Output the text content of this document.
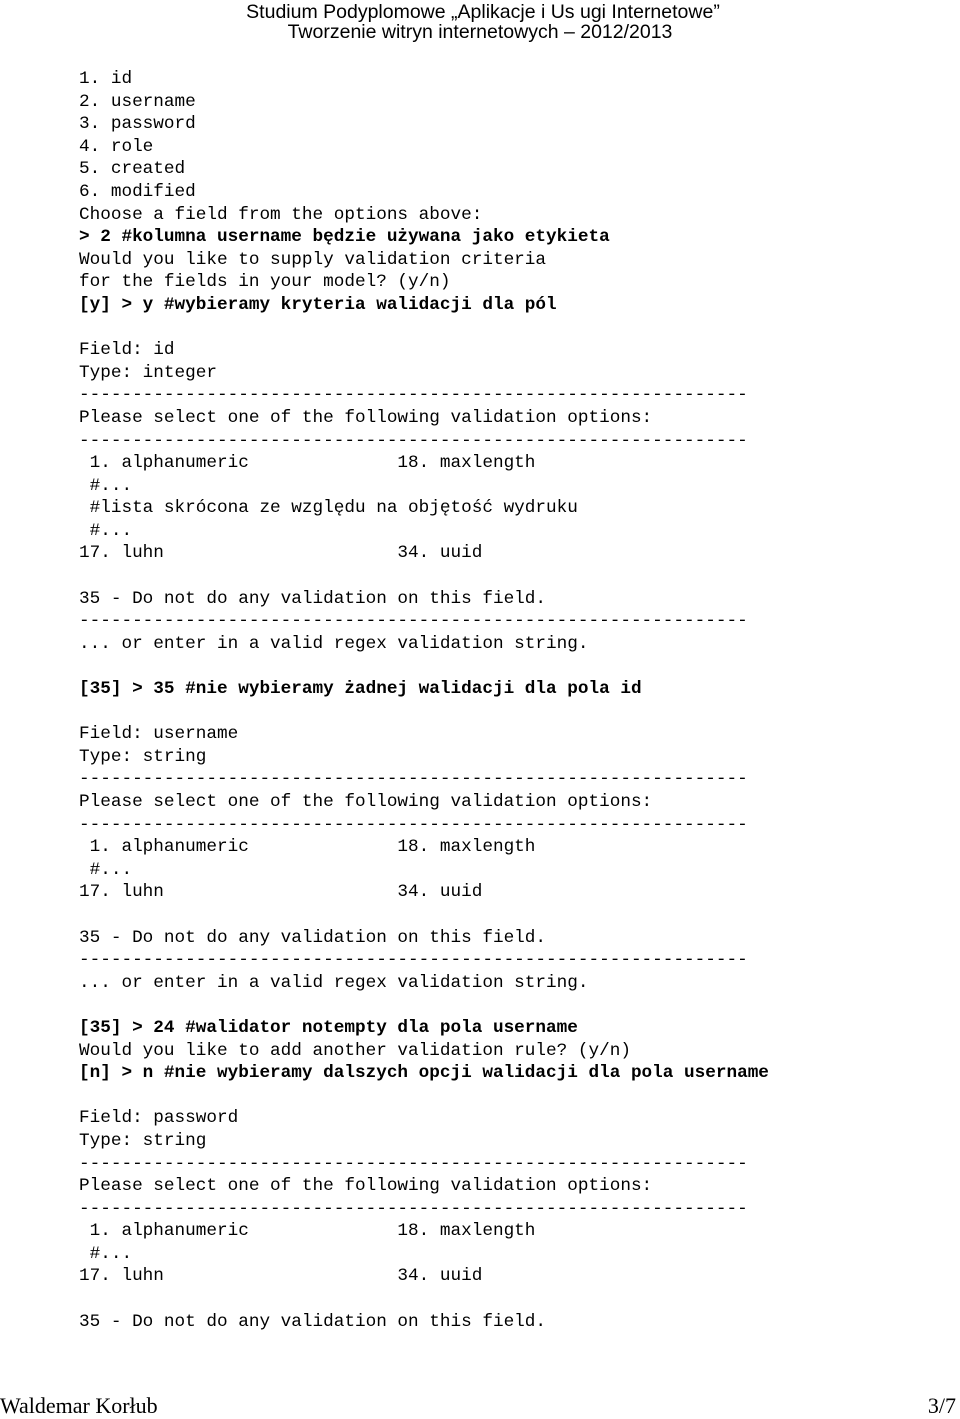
Studium Podyplomowe „Aplikacje i Us ugi Internetowe”
Tworzenie witryn internetowych – 2012/2013
1. id
2. username
3. password
4. role
5. created
6. modified
Choose a field from the options above:
> 2 #kolumna username będzie używana jako etykieta
Would you like to supply validation criteria
for the fields in your model? (y/n)
[y] > y #wybieramy kryteria walidacji dla pól
Field: id
Type: integer
---------------------------------------------------------------
Please select one of the following validation options:
---------------------------------------------------------------
1. alphanumeric              18. maxlength
#...
#lista skrócona ze względu na objętość wydruku
#...
17. luhn                      34. uuid
35 - Do not do any validation on this field.
---------------------------------------------------------------
... or enter in a valid regex validation string.
[35] > 35 #nie wybieramy żadnej walidacji dla pola id
Field: username
Type: string
---------------------------------------------------------------
Please select one of the following validation options:
---------------------------------------------------------------
1. alphanumeric              18. maxlength
#...
17. luhn                      34. uuid
35 - Do not do any validation on this field.
---------------------------------------------------------------
... or enter in a valid regex validation string.
[35] > 24 #walidator notempty dla pola username
Would you like to add another validation rule? (y/n)
[n] > n #nie wybieramy dalszych opcji walidacji dla pola username
Field: password
Type: string
---------------------------------------------------------------
Please select one of the following validation options:
---------------------------------------------------------------
1. alphanumeric              18. maxlength
#...
17. luhn                      34. uuid
35 - Do not do any validation on this field.
Waldemar Korłub	3/7
